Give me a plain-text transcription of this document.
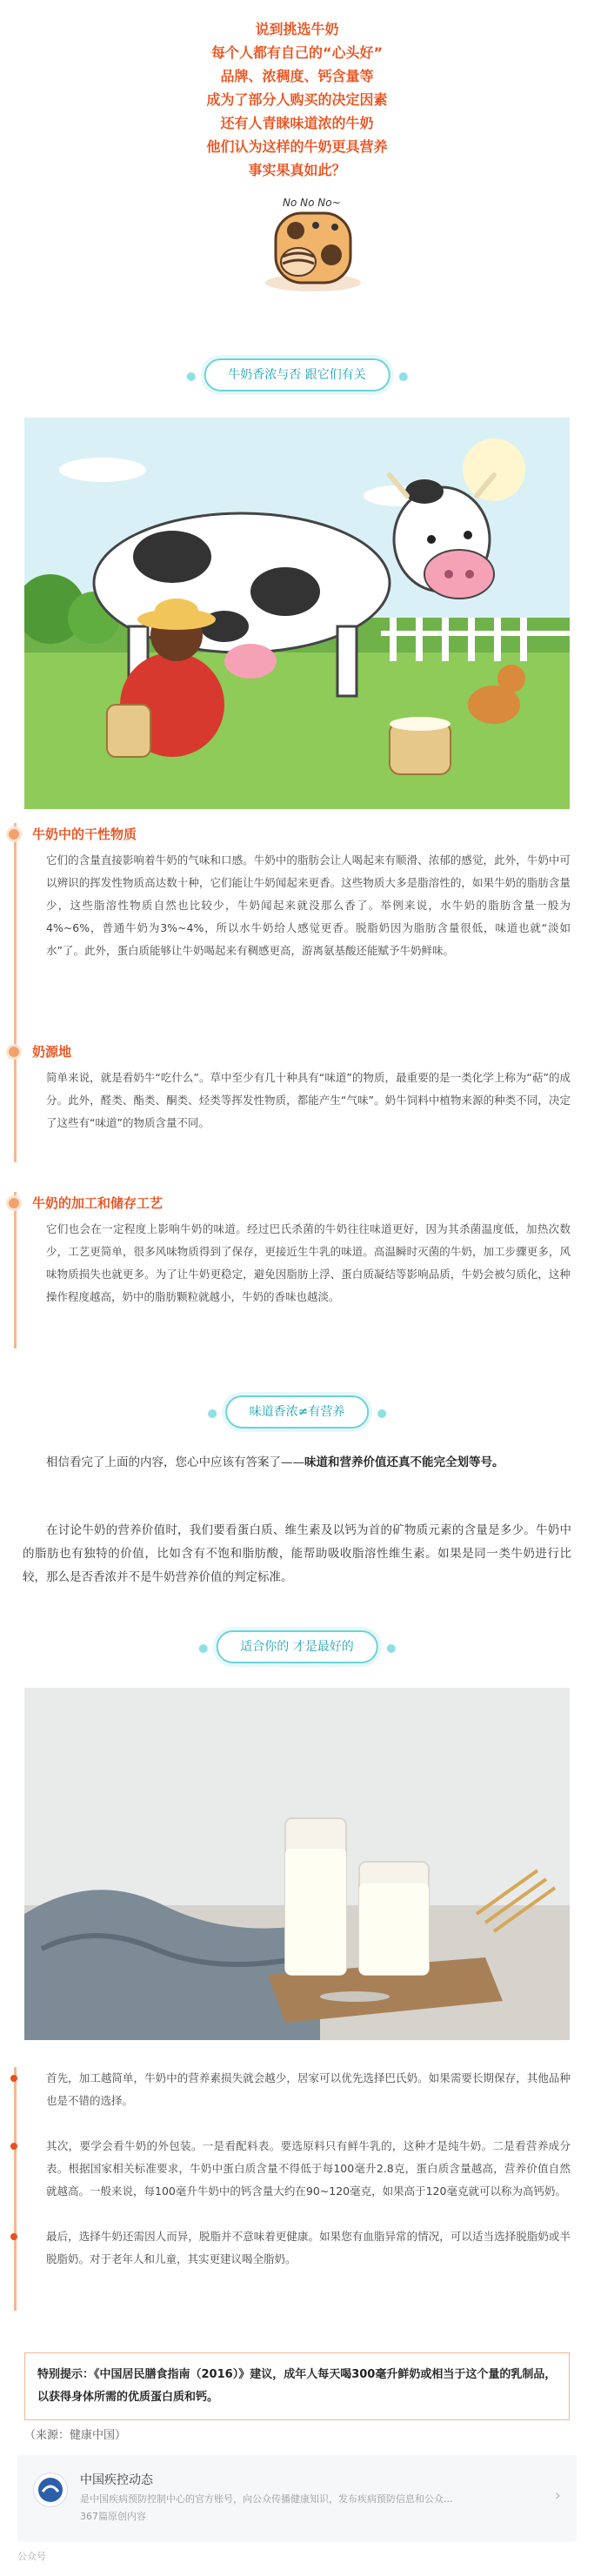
说到挑选牛奶
每个人都有自己的“心头好”
品牌、浓稠度、钙含量等
成为了部分人购买的决定因素
还有人青睐味道浓的牛奶
他们认为这样的牛奶更具营养
事实果真如此？
No No No~
牛奶香浓与否 跟它们有关
牛奶中的干性物质
它们的含量直接影响着牛奶的气味和口感。牛奶中的脂肪会让人喝起来有顺滑、浓郁的感觉，此外，牛奶中可以辨识的挥发性物质高达数十种，它们能让牛奶闻起来更香。这些物质大多是脂溶性的，如果牛奶的脂肪含量少，这些脂溶性物质自然也比较少，牛奶闻起来就没那么香了。举例来说，水牛奶的脂肪含量一般为4%~6%，普通牛奶为3%~4%，所以水牛奶给人感觉更香。脱脂奶因为脂肪含量很低，味道也就“淡如水”了。此外，蛋白质能够让牛奶喝起来有稠感更高，游离氨基酸还能赋予牛奶鲜味。
奶源地
简单来说，就是看奶牛“吃什么”。草中至少有几十种具有“味道”的物质，最重要的是一类化学上称为“萜”的成分。此外，醛类、酯类、酮类、烃类等挥发性物质，都能产生“气味”。奶牛饲料中植物来源的种类不同，决定了这些有“味道”的物质含量不同。
牛奶的加工和储存工艺
它们也会在一定程度上影响牛奶的味道。经过巴氏杀菌的牛奶往往味道更好，因为其杀菌温度低，加热次数少，工艺更简单，很多风味物质得到了保存，更接近生牛乳的味道。高温瞬时灭菌的牛奶，加工步骤更多，风味物质损失也就更多。为了让牛奶更稳定，避免因脂肪上浮、蛋白质凝结等影响品质，牛奶会被匀质化，这种操作程度越高，奶中的脂肪颗粒就越小，牛奶的香味也越淡。
味道香浓≠有营养
相信看完了上面的内容，您心中应该有答案了——味道和营养价值还真不能完全划等号。
在讨论牛奶的营养价值时，我们要看蛋白质、维生素及以钙为首的矿物质元素的含量是多少。牛奶中的脂肪也有独特的价值，比如含有不饱和脂肪酸，能帮助吸收脂溶性维生素。如果是同一类牛奶进行比较，那么是否香浓并不是牛奶营养价值的判定标准。
适合你的 才是最好的
首先，加工越简单，牛奶中的营养素损失就会越少，居家可以优先选择巴氏奶。如果需要长期保存，其他品种也是不错的选择。
其次，要学会看牛奶的外包装。一是看配料表。要选原料只有鲜牛乳的，这种才是纯牛奶。二是看营养成分表。根据国家相关标准要求，牛奶中蛋白质含量不得低于每100毫升2.8克，蛋白质含量越高，营养价值自然就越高。一般来说，每100毫升牛奶中的钙含量大约在90~120毫克，如果高于120毫克就可以称为高钙奶。
最后，选择牛奶还需因人而异，脱脂并不意味着更健康。如果您有血脂异常的情况，可以适当选择脱脂奶或半脱脂奶。对于老年人和儿童，其实更建议喝全脂奶。
特别提示：《中国居民膳食指南（2016）》建议，成年人每天喝300毫升鲜奶或相当于这个量的乳制品，以获得身体所需的优质蛋白质和钙。
（来源：健康中国）
中国疾控动态
是中国疾病预防控制中心的官方账号，向公众传播健康知识，发布疾病预防信息和公众...
367篇原创内容
›
公众号
